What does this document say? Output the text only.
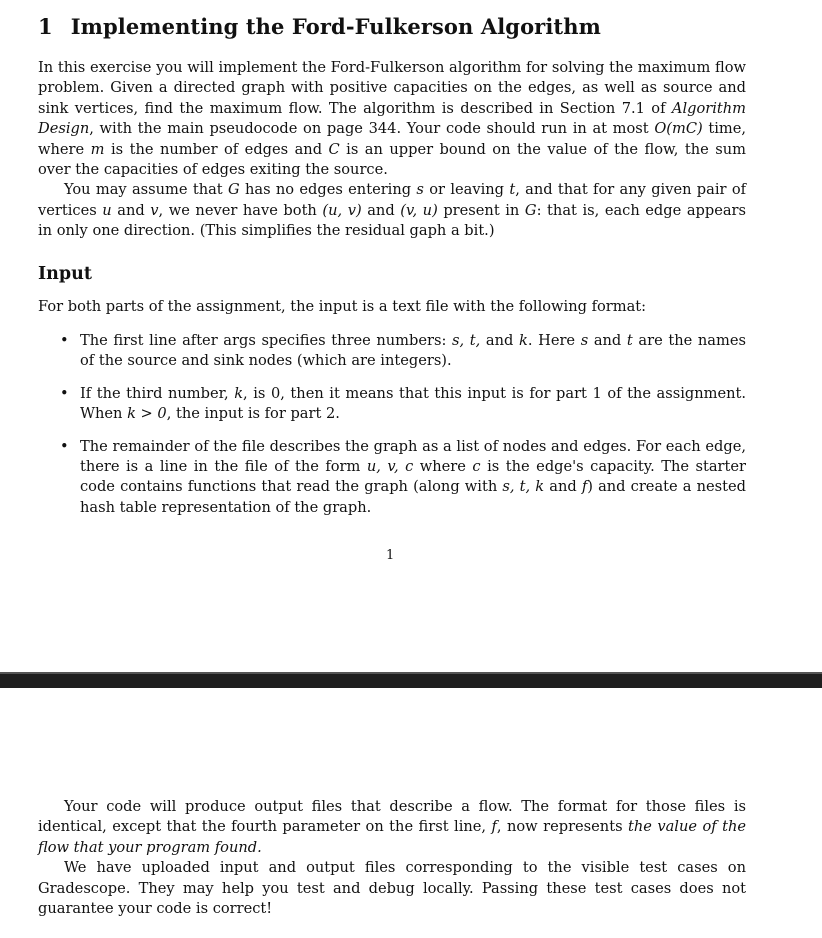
1 Implementing the Ford-Fulkerson Algorithm
In this exercise you will implement the Ford-Fulkerson algorithm for solving the maximum flow problem. Given a directed graph with positive capacities on the edges, as well as source and sink vertices, find the maximum flow. The algorithm is described in Section 7.1 of Algorithm Design, with the main pseudocode on page 344. Your code should run in at most O(mC) time, where m is the number of edges and C is an upper bound on the value of the flow, the sum over the capacities of edges exiting the source.
You may assume that G has no edges entering s or leaving t, and that for any given pair of vertices u and v, we never have both (u, v) and (v, u) present in G: that is, each edge appears in only one direction. (This simplifies the residual gaph a bit.)
Input
For both parts of the assignment, the input is a text file with the following format:
• The first line after args specifies three numbers: s, t, and k. Here s and t are the names of the source and sink nodes (which are integers).
• If the third number, k, is 0, then it means that this input is for part 1 of the assignment. When k > 0, the input is for part 2.
• The remainder of the file describes the graph as a list of nodes and edges. For each edge, there is a line in the file of the form u, v, c where c is the edge's capacity. The starter code contains functions that read the graph (along with s, t, k and f) and create a nested hash table representation of the graph.
1
Your code will produce output files that describe a flow. The format for those files is identical, except that the fourth parameter on the first line, f, now represents the value of the flow that your program found.
We have uploaded input and output files corresponding to the visible test cases on Gradescope. They may help you test and debug locally. Passing these test cases does not guarantee your code is correct!
